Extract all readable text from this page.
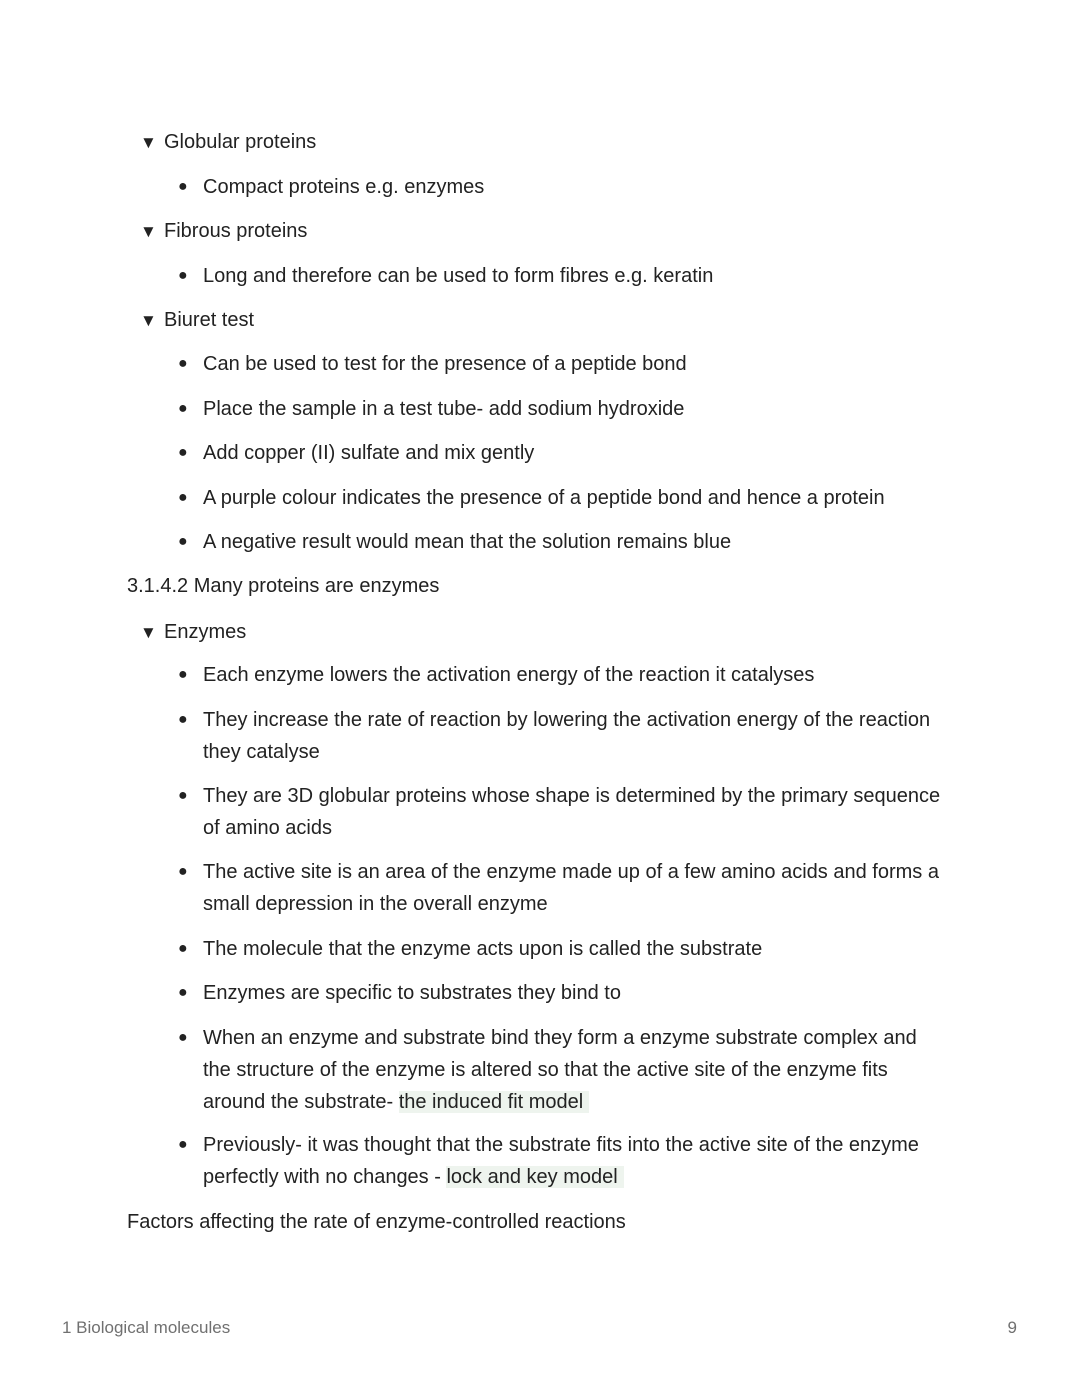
▼ Globular proteins
● Compact proteins e.g. enzymes
▼ Fibrous proteins
● Long and therefore can be used to form fibres e.g. keratin
▼ Biuret test
● Can be used to test for the presence of a peptide bond
● Place the sample in a test tube- add sodium hydroxide
● Add copper (II) sulfate and mix gently
● A purple colour indicates the presence of a peptide bond and hence a protein
● A negative result would mean that the solution remains blue
3.1.4.2 Many proteins are enzymes
▼ Enzymes
● Each enzyme lowers the activation energy of the reaction it catalyses
● They increase the rate of reaction by lowering the activation energy of the reaction they catalyse
● They are 3D globular proteins whose shape is determined by the primary sequence of amino acids
● The active site is an area of the enzyme made up of a few amino acids and forms a small depression in the overall enzyme
● The molecule that the enzyme acts upon is called the substrate
● Enzymes are specific to substrates they bind to
● When an enzyme and substrate bind they form a enzyme substrate complex and the structure of the enzyme is altered so that the active site of the enzyme fits around the substrate- the induced fit model
● Previously- it was thought that the substrate fits into the active site of the enzyme perfectly with no changes - lock and key model
Factors affecting the rate of enzyme-controlled reactions
1 Biological molecules	9
